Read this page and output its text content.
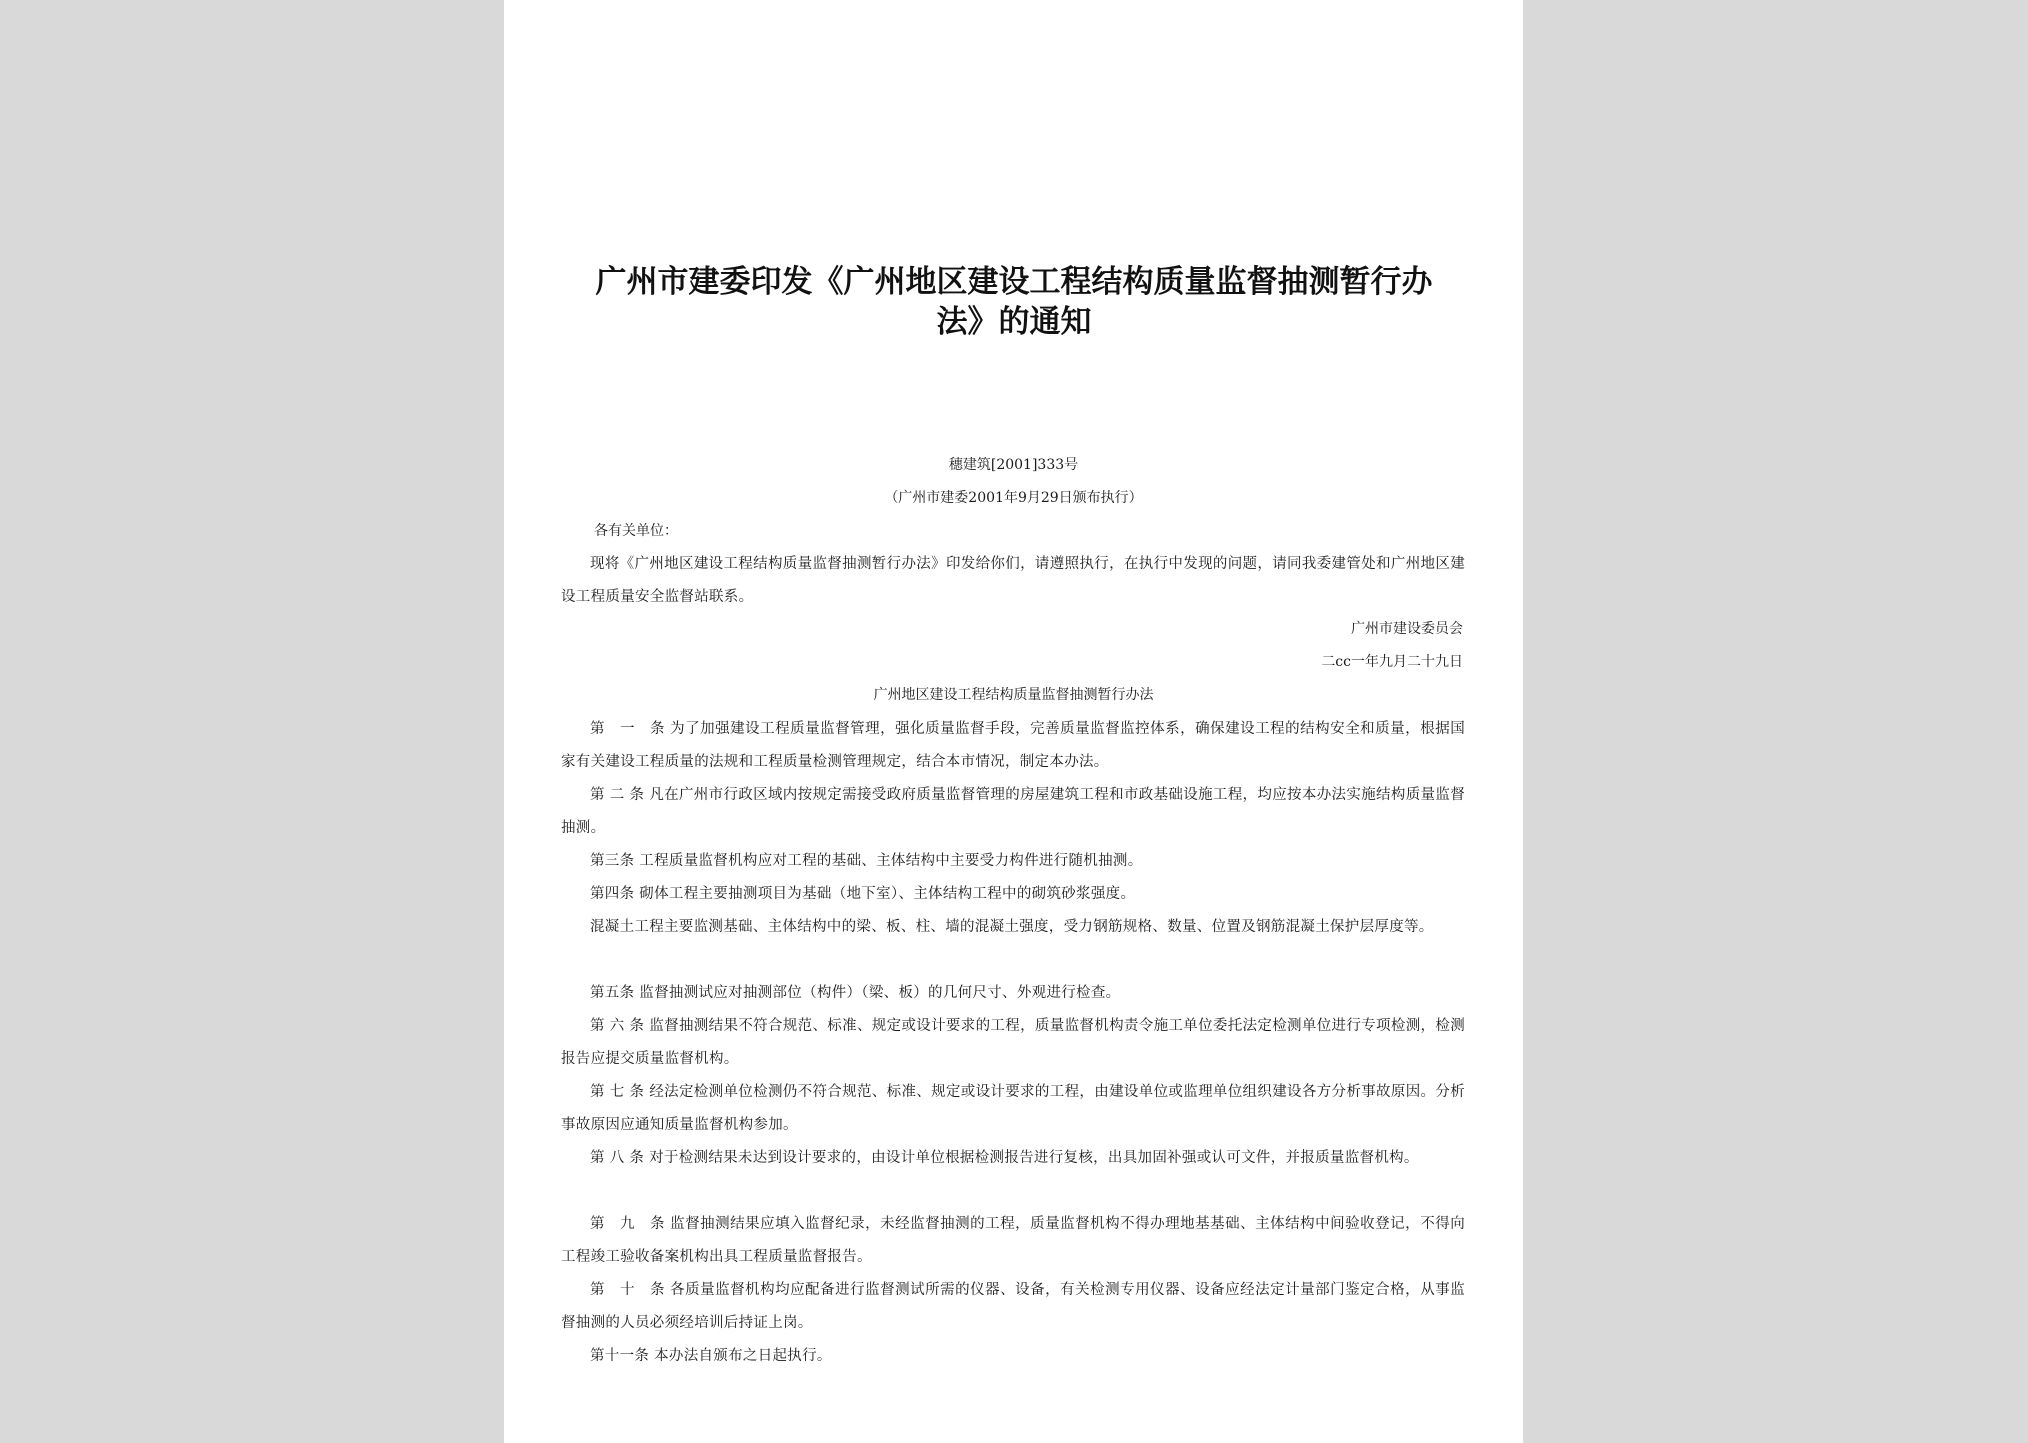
广州市建委印发《广州地区建设工程结构质量监督抽测暂行办法》的通知
穗建筑[2001]333号
（广州市建委2001年9月29日颁布执行）
各有关单位：

现将《广州地区建设工程结构质量监督抽测暂行办法》印发给你们，请遵照执行，在执行中发现的问题，请同我委建管处和广州地区建设工程质量安全监督站联系。

广州市建设委员会
二cc一年九月二十九日
广州地区建设工程结构质量监督抽测暂行办法

第　一　条 为了加强建设工程质量监督管理，强化质量监督手段，完善质量监督监控体系，确保建设工程的结构安全和质量，根据国家有关建设工程质量的法规和工程质量检测管理规定，结合本市情况，制定本办法。

第 二 条 凡在广州市行政区域内按规定需接受政府质量监督管理的房屋建筑工程和市政基础设施工程，均应按本办法实施结构质量监督抽测。

第三条 工程质量监督机构应对工程的基础、主体结构中主要受力构件进行随机抽测。

第四条 砌体工程主要抽测项目为基础（地下室）、主体结构工程中的砌筑砂浆强度。

混凝土工程主要监测基础、主体结构中的梁、板、柱、墙的混凝土强度，受力钢筋规格、数量、位置及钢筋混凝土保护层厚度等。

第五条 监督抽测试应对抽测部位（构件）（梁、板）的几何尺寸、外观进行检查。

第 六 条 监督抽测结果不符合规范、标准、规定或设计要求的工程，质量监督机构责令施工单位委托法定检测单位进行专项检测，检测报告应提交质量监督机构。

第 七 条 经法定检测单位检测仍不符合规范、标准、规定或设计要求的工程，由建设单位或监理单位组织建设各方分析事故原因。分析事故原因应通知质量监督机构参加。

第 八 条 对于检测结果未达到设计要求的，由设计单位根据检测报告进行复核，出具加固补强或认可文件，并报质量监督机构。

第　九　条 监督抽测结果应填入监督纪录，未经监督抽测的工程，质量监督机构不得办理地基基础、主体结构中间验收登记，不得向工程竣工验收备案机构出具工程质量监督报告。

第　十　条 各质量监督机构均应配备进行监督测试所需的仪器、设备，有关检测专用仪器、设备应经法定计量部门鉴定合格，从事监督抽测的人员必须经培训后持证上岗。

第十一条 本办法自颁布之日起执行。
